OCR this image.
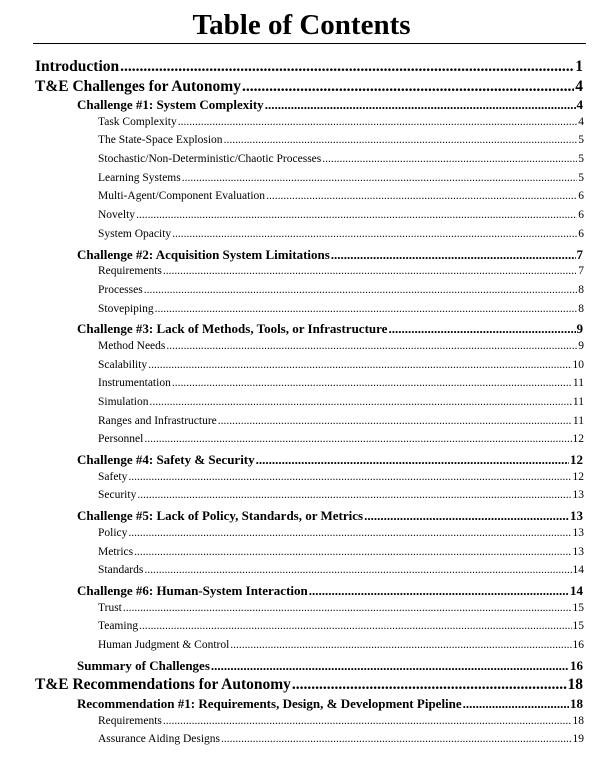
Table of Contents
Introduction .....	1
T&E Challenges for Autonomy .....	4
Challenge #1: System Complexity .....	4
Task Complexity .....	4
The State-Space Explosion .....	5
Stochastic/Non-Deterministic/Chaotic Processes .....	5
Learning Systems .....	5
Multi-Agent/Component Evaluation .....	6
Novelty .....	6
System Opacity .....	6
Challenge #2: Acquisition System Limitations .....	7
Requirements .....	7
Processes .....	8
Stovepiping .....	8
Challenge #3: Lack of Methods, Tools, or Infrastructure .....	9
Method Needs .....	9
Scalability .....	10
Instrumentation .....	11
Simulation .....	11
Ranges and Infrastructure .....	11
Personnel .....	12
Challenge #4: Safety & Security .....	12
Safety .....	12
Security .....	13
Challenge #5: Lack of Policy, Standards, or Metrics .....	13
Policy .....	13
Metrics .....	13
Standards .....	14
Challenge #6: Human-System Interaction .....	14
Trust .....	15
Teaming .....	15
Human Judgment & Control .....	16
Summary of Challenges .....	16
T&E Recommendations for Autonomy .....	18
Recommendation #1: Requirements, Design, & Development Pipeline .....	18
Requirements .....	18
Assurance Aiding Designs .....	19
